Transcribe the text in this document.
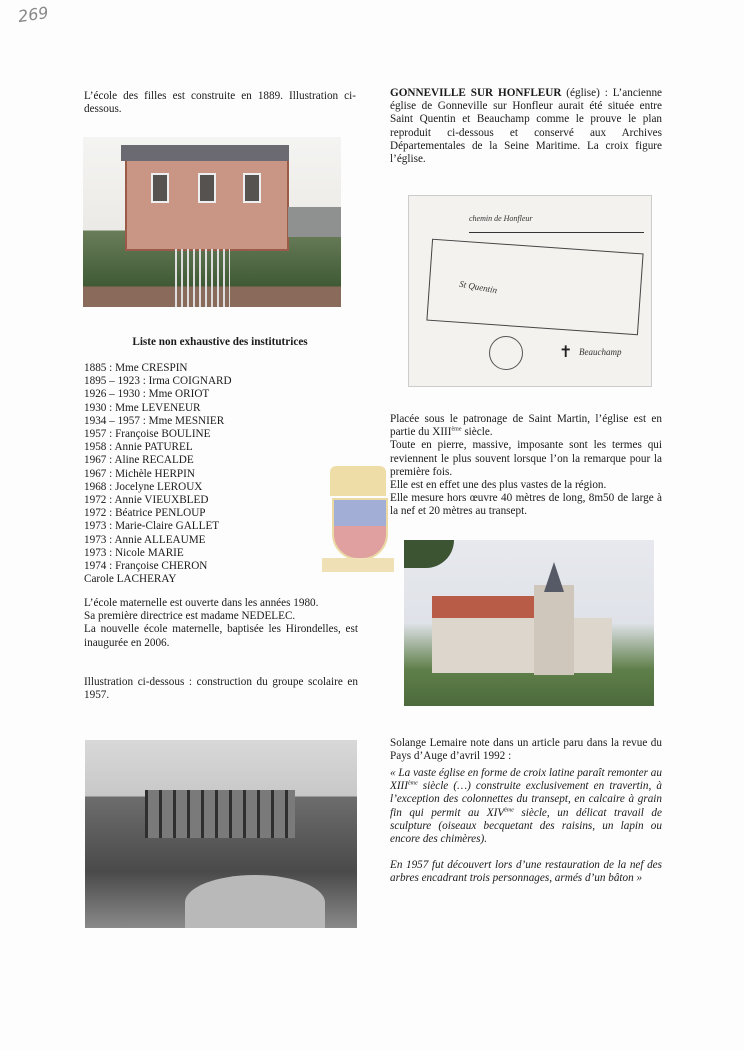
269

L’école des filles est construite en 1889. Illustration ci-dessous.

Liste non exhaustive des institutrices

1885 : Mme CRESPIN

1895 – 1923 : Irma COIGNARD

1926 – 1930 : Mme ORIOT

1930 : Mme LEVENEUR

1934 – 1957 : Mme MESNIER

1957 : Françoise BOULINE

1958 : Annie PATUREL

1967 : Aline RECALDE

1967 : Michèle HERPIN

1968 : Jocelyne LEROUX

1972 : Annie VIEUXBLED

1972 : Béatrice PENLOUP

1973 : Marie-Claire GALLET

1973 : Annie ALLEAUME

1973 : Nicole MARIE

1974 : Françoise CHERON

Carole LACHERAY

L’école maternelle est ouverte dans les années 1980.

Sa première directrice est madame NEDELEC.

La nouvelle école maternelle, baptisée les Hirondelles, est inaugurée en 2006.

Illustration ci-dessous : construction du groupe scolaire en 1957.

GONNEVILLE SUR HONFLEUR (église) : L’ancienne église de Gonneville sur Honfleur aurait été située entre Saint Quentin et Beauchamp comme le prouve le plan reproduit ci-dessous et conservé aux Archives Départementales de la Seine Maritime. La croix figure l’église.

chemin de Honfleur
St Quentin
Beauchamp
✝

Placée sous le patronage de Saint Martin, l’église est en partie du XIIIème siècle.

Toute en pierre, massive, imposante sont les termes qui reviennent le plus souvent lorsque l’on la remarque pour la première fois.

Elle est en effet une des plus vastes de la région.

Elle mesure hors œuvre 40 mètres de long, 8m50 de large à la nef et 20 mètres au transept.

Solange Lemaire note dans un article paru dans la revue du Pays d’Auge d’avril 1992 :

« La vaste église en forme de croix latine paraît remonter au XIIIème siècle (…) construite exclusivement en travertin, à l’exception des colonnettes du transept, en calcaire à grain fin qui permit au XIVème siècle, un délicat travail de sculpture (oiseaux becquetant des raisins, un lapin ou encore des chimères).

En 1957 fut découvert lors d’une restauration de la nef des arbres encadrant trois personnages, armés d’un bâton »
